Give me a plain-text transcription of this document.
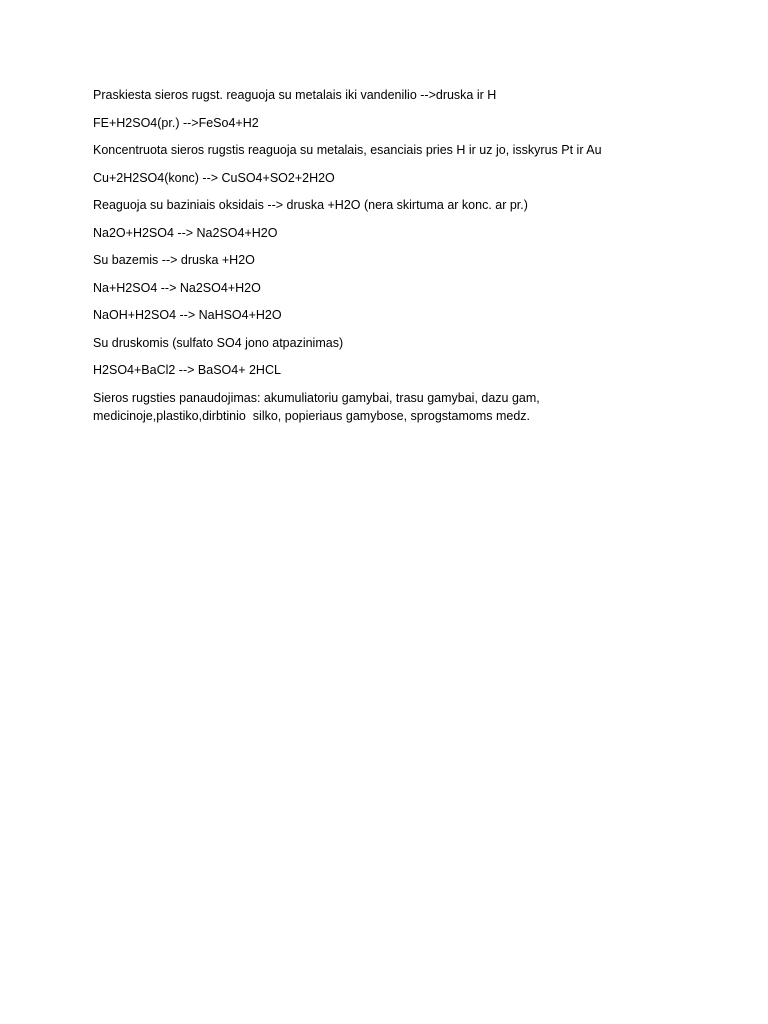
Praskiesta sieros rugst. reaguoja su metalais iki vandenilio -->druska ir H

FE+H2SO4(pr.) -->FeSo4+H2

Koncentruota sieros rugstis reaguoja su metalais, esanciais pries H ir uz jo, isskyrus Pt ir Au

Cu+2H2SO4(konc) --> CuSO4+SO2+2H2O

Reaguoja su baziniais oksidais --> druska +H2O (nera skirtuma ar konc. ar pr.)

Na2O+H2SO4 --> Na2SO4+H2O

Su bazemis --> druska +H2O

Na+H2SO4 --> Na2SO4+H2O

NaOH+H2SO4 --> NaHSO4+H2O

Su druskomis (sulfato SO4 jono atpazinimas)

H2SO4+BaCl2 --> BaSO4+ 2HCL

Sieros rugsties panaudojimas: akumuliatoriu gamybai, trasu gamybai, dazu gam, medicinoje,plastiko,dirbtinio  silko, popieriaus gamybose, sprogstamoms medz.
